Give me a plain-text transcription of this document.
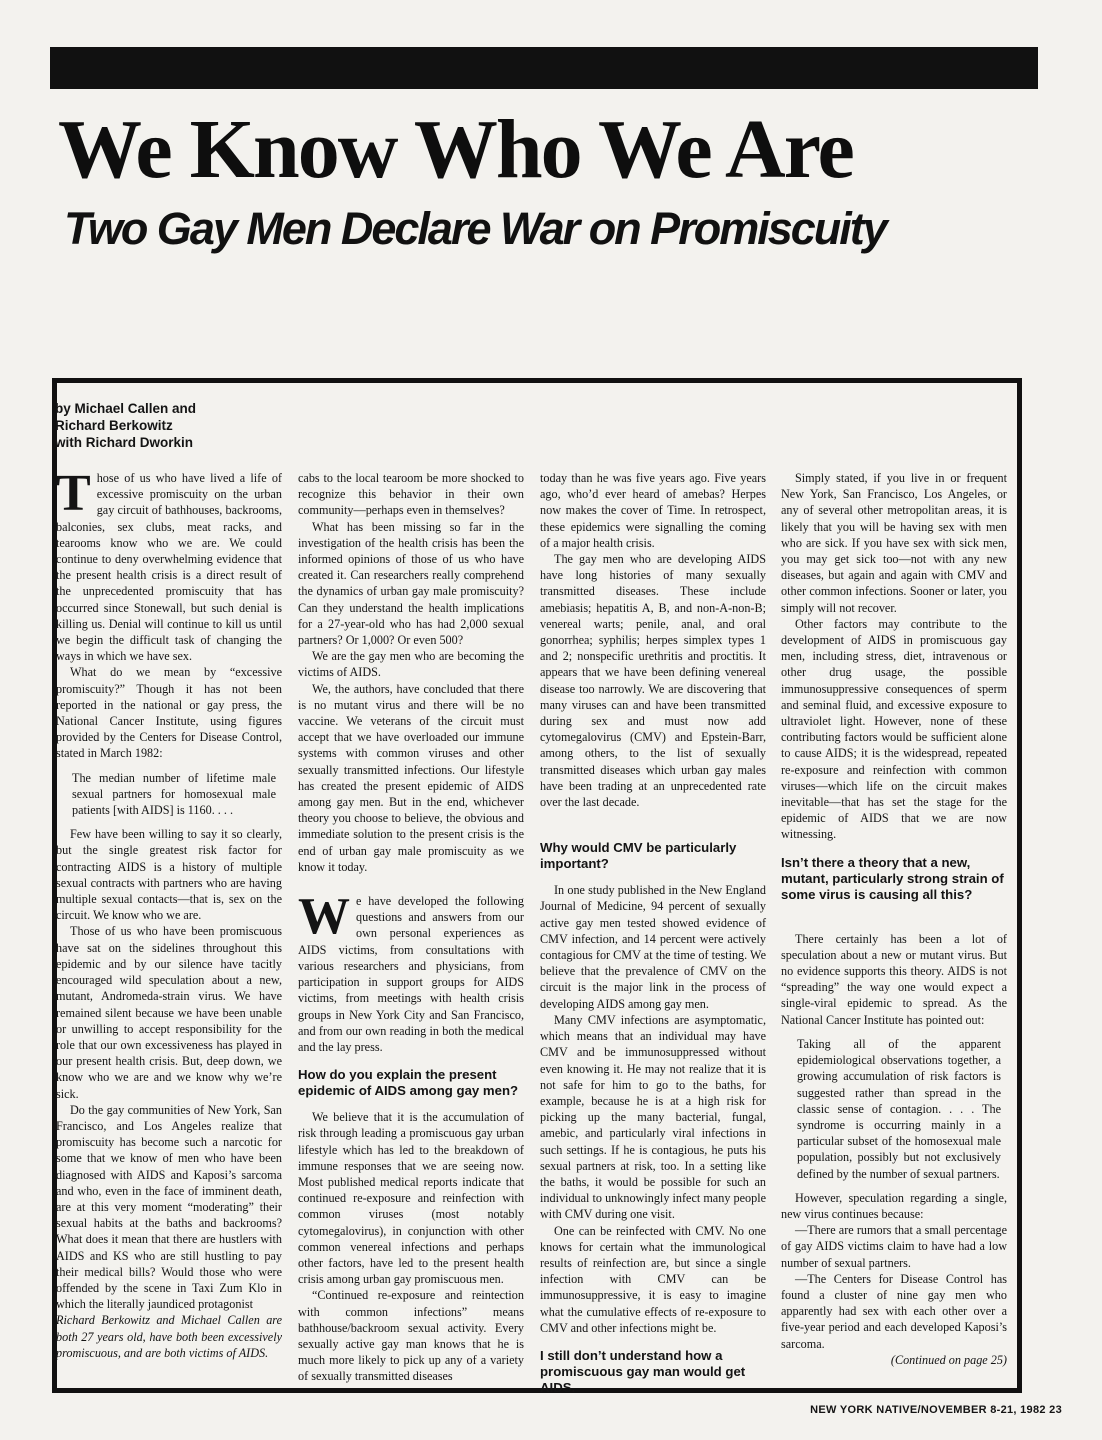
We Know Who We Are
Two Gay Men Declare War on Promiscuity
by Michael Callen and
Richard Berkowitz
with Richard Dworkin

Those of us who have lived a life of excessive promiscuity on the urban gay circuit of bathhouses, backrooms, balconies, sex clubs, meat racks, and tearooms know who we are. We could continue to deny overwhelming evidence that the present health crisis is a direct result of the unprecedented promiscuity that has occurred since Stonewall, but such denial is killing us. Denial will continue to kill us until we begin the difficult task of changing the ways in which we have sex.

What do we mean by “excessive promiscuity?” Though it has not been reported in the national or gay press, the National Cancer Institute, using figures provided by the Centers for Disease Control, stated in March 1982:

The median number of lifetime male sexual partners for homosexual male patients [with AIDS] is 1160. . . .

Few have been willing to say it so clearly, but the single greatest risk factor for contracting AIDS is a history of multiple sexual contracts with partners who are having multiple sexual contacts—that is, sex on the circuit. We know who we are.

Those of us who have been promiscuous have sat on the sidelines throughout this epidemic and by our silence have tacitly encouraged wild speculation about a new, mutant, Andromeda-strain virus. We have remained silent because we have been unable or unwilling to accept responsibility for the role that our own excessiveness has played in our present health crisis. But, deep down, we know who we are and we know why we’re sick.

Do the gay communities of New York, San Francisco, and Los Angeles realize that promiscuity has become such a narcotic for some that we know of men who have been diagnosed with AIDS and Kaposi’s sarcoma and who, even in the face of imminent death, are at this very moment “moderating” their sexual habits at the baths and backrooms? What does it mean that there are hustlers with AIDS and KS who are still hustling to pay their medical bills? Would those who were offended by the scene in Taxi Zum Klo in which the literally jaundiced protagonist

Richard Berkowitz and Michael Callen are both 27 years old, have both been excessively promiscuous, and are both victims of AIDS.

cabs to the local tearoom be more shocked to recognize this behavior in their own community—perhaps even in themselves?

What has been missing so far in the investigation of the health crisis has been the informed opinions of those of us who have created it. Can researchers really comprehend the dynamics of urban gay male promiscuity? Can they understand the health implications for a 27-year-old who has had 2,000 sexual partners? Or 1,000? Or even 500?

We are the gay men who are becoming the victims of AIDS.

We, the authors, have concluded that there is no mutant virus and there will be no vaccine. We veterans of the circuit must accept that we have overloaded our immune systems with common viruses and other sexually transmitted infections. Our lifestyle has created the present epidemic of AIDS among gay men. But in the end, whichever theory you choose to believe, the obvious and immediate solution to the present crisis is the end of urban gay male promiscuity as we know it today.

We have developed the following questions and answers from our own personal experiences as AIDS victims, from consultations with various researchers and physicians, from participation in support groups for AIDS victims, from meetings with health crisis groups in New York City and San Francisco, and from our own reading in both the medical and the lay press.

How do you explain the present epidemic of AIDS among gay men?

We believe that it is the accumulation of risk through leading a promiscuous gay urban lifestyle which has led to the breakdown of immune responses that we are seeing now. Most published medical reports indicate that continued re-exposure and reinfection with common viruses (most notably cytomegalovirus), in conjunction with other common venereal infections and perhaps other factors, have led to the present health crisis among urban gay promiscuous men.

“Continued re-exposure and reintection with common infections” means bathhouse/backroom sexual activity. Every sexually active gay man knows that he is much more likely to pick up any of a variety of sexually transmitted diseases

today than he was five years ago. Five years ago, who’d ever heard of amebas? Herpes now makes the cover of Time. In retrospect, these epidemics were signalling the coming of a major health crisis.

The gay men who are developing AIDS have long histories of many sexually transmitted diseases. These include amebiasis; hepatitis A, B, and non-A-non-B; venereal warts; penile, anal, and oral gonorrhea; syphilis; herpes simplex types 1 and 2; nonspecific urethritis and proctitis. It appears that we have been defining venereal disease too narrowly. We are discovering that many viruses can and have been transmitted during sex and must now add cytomegalovirus (CMV) and Epstein-Barr, among others, to the list of sexually transmitted diseases which urban gay males have been trading at an unprecedented rate over the last decade.

Why would CMV be particularly important?

In one study published in the New England Journal of Medicine, 94 percent of sexually active gay men tested showed evidence of CMV infection, and 14 percent were actively contagious for CMV at the time of testing. We believe that the prevalence of CMV on the circuit is the major link in the process of developing AIDS among gay men.

Many CMV infections are asymptomatic, which means that an individual may have CMV and be immunosuppressed without even knowing it. He may not realize that it is not safe for him to go to the baths, for example, because he is at a high risk for picking up the many bacterial, fungal, amebic, and particularly viral infections in such settings. If he is contagious, he puts his sexual partners at risk, too. In a setting like the baths, it would be possible for such an individual to unknowingly infect many people with CMV during one visit.

One can be reinfected with CMV. No one knows for certain what the immunological results of reinfection are, but since a single infection with CMV can be immunosuppressive, it is easy to imagine what the cumulative effects of re-exposure to CMV and other infections might be.

I still don’t understand how a promiscuous gay man would get AIDS.

Simply stated, if you live in or frequent New York, San Francisco, Los Angeles, or any of several other metropolitan areas, it is likely that you will be having sex with men who are sick. If you have sex with sick men, you may get sick too—not with any new diseases, but again and again with CMV and other common infections. Sooner or later, you simply will not recover.

Other factors may contribute to the development of AIDS in promiscuous gay men, including stress, diet, intravenous or other drug usage, the possible immunosuppressive consequences of sperm and seminal fluid, and excessive exposure to ultraviolet light. However, none of these contributing factors would be sufficient alone to cause AIDS; it is the widespread, repeated re-exposure and reinfection with common viruses—which life on the circuit makes inevitable—that has set the stage for the epidemic of AIDS that we are now witnessing.

Isn’t there a theory that a new, mutant, particularly strong strain of some virus is causing all this?

There certainly has been a lot of speculation about a new or mutant virus. But no evidence supports this theory. AIDS is not “spreading” the way one would expect a single-viral epidemic to spread. As the National Cancer Institute has pointed out:

Taking all of the apparent epidemiological observations together, a growing accumulation of risk factors is suggested rather than spread in the classic sense of contagion. . . . The syndrome is occurring mainly in a particular subset of the homosexual male population, possibly but not exclusively defined by the number of sexual partners.

However, speculation regarding a single, new virus continues because:

—There are rumors that a small percentage of gay AIDS victims claim to have had a low number of sexual partners.

—The Centers for Disease Control has found a cluster of nine gay men who apparently had sex with each other over a five-year period and each developed Kaposi’s sarcoma.

(Continued on page 25)

NEW YORK NATIVE/NOVEMBER 8-21, 1982 23
